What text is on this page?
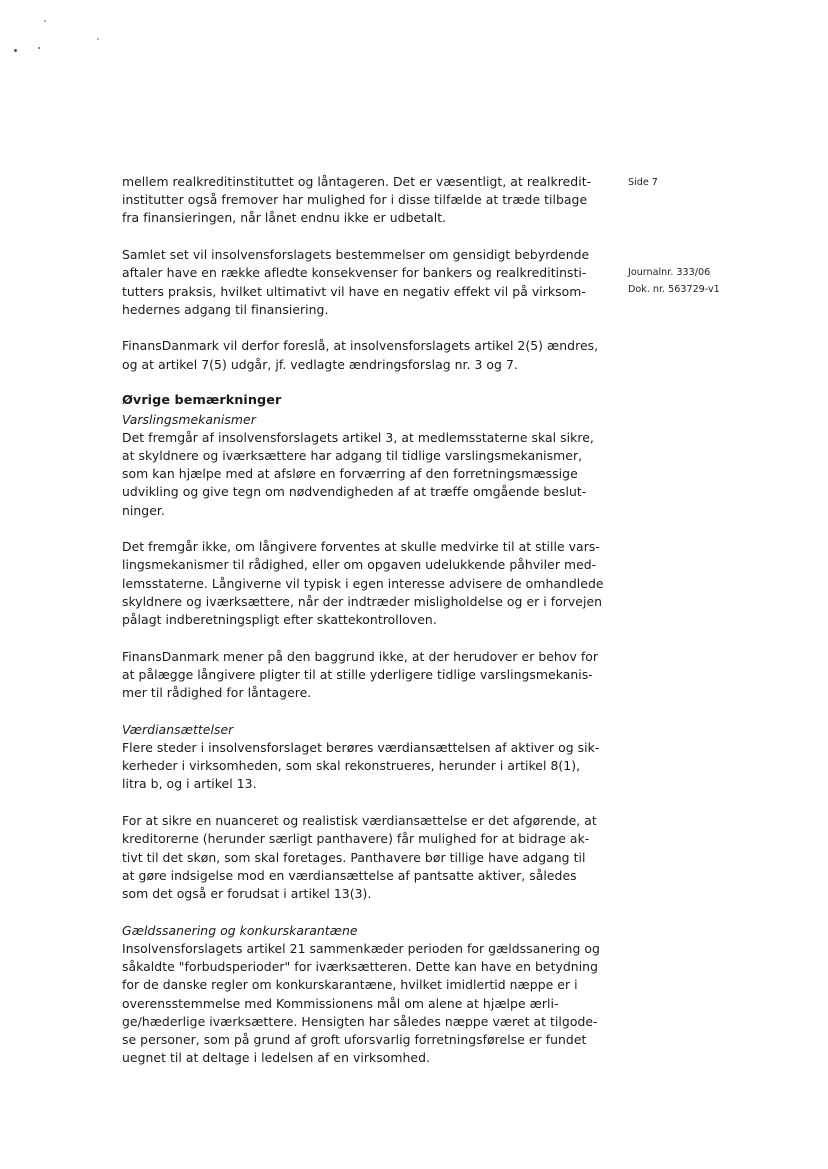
mellem realkreditinstituttet og låntageren. Det er væsentligt, at realkredit-
institutter også fremover har mulighed for i disse tilfælde at træde tilbage
fra finansieringen, når lånet endnu ikke er udbetalt.

Samlet set vil insolvensforslagets bestemmelser om gensidigt bebyrdende
aftaler have en række afledte konsekvenser for bankers og realkreditinsti-
tutters praksis, hvilket ultimativt vil have en negativ effekt vil på virksom-
hedernes adgang til finansiering.

FinansDanmark vil derfor foreslå, at insolvensforslagets artikel 2(5) ændres,
og at artikel 7(5) udgår, jf. vedlagte ændringsforslag nr. 3 og 7.

Øvrige bemærkninger
Varslingsmekanismer

Det fremgår af insolvensforslagets artikel 3, at medlemsstaterne skal sikre,
at skyldnere og iværksættere har adgang til tidlige varslingsmekanismer,
som kan hjælpe med at afsløre en forværring af den forretningsmæssige
udvikling og give tegn om nødvendigheden af at træffe omgående beslut-
ninger.

Det fremgår ikke, om långivere forventes at skulle medvirke til at stille vars-
lingsmekanismer til rådighed, eller om opgaven udelukkende påhviler med-
lemsstaterne. Långiverne vil typisk i egen interesse advisere de omhandlede
skyldnere og iværksættere, når der indtræder misligholdelse og er i forvejen
pålagt indberetningspligt efter skattekontrolloven.

FinansDanmark mener på den baggrund ikke, at der herudover er behov for
at pålægge långivere pligter til at stille yderligere tidlige varslingsmekanis-
mer til rådighed for låntagere.

Værdiansættelser

Flere steder i insolvensforslaget berøres værdiansættelsen af aktiver og sik-
kerheder i virksomheden, som skal rekonstrueres, herunder i artikel 8(1),
litra b, og i artikel 13.

For at sikre en nuanceret og realistisk værdiansættelse er det afgørende, at
kreditorerne (herunder særligt panthavere) får mulighed for at bidrage ak-
tivt til det skøn, som skal foretages. Panthavere bør tillige have adgang til
at gøre indsigelse mod en værdiansættelse af pantsatte aktiver, således
som det også er forudsat i artikel 13(3).

Gældssanering og konkurskarantæne

Insolvensforslagets artikel 21 sammenkæder perioden for gældssanering og
såkaldte "forbudsperioder" for iværksætteren. Dette kan have en betydning
for de danske regler om konkurskarantæne, hvilket imidlertid næppe er i
overensstemmelse med Kommissionens mål om alene at hjælpe ærli-
ge/hæderlige iværksættere. Hensigten har således næppe været at tilgode-
se personer, som på grund af groft uforsvarlig forretningsførelse er fundet
uegnet til at deltage i ledelsen af en virksomhed.

Side 7
Journalnr. 333/06
Dok. nr. 563729-v1
